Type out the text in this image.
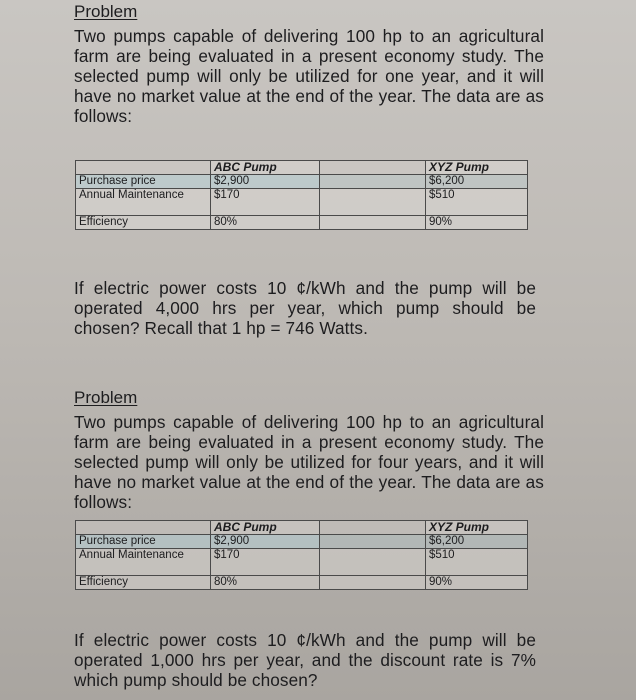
Problem
Two pumps capable of delivering 100 hp to an agricultural farm are being evaluated in a present economy study. The selected pump will only be utilized for one year, and it will have no market value at the end of the year. The data are as follows:
	ABC Pump		XYZ Pump
Purchase price	$2,900		$6,200
Annual Maintenance	$170		$510
Efficiency	80%		90%
If electric power costs 10 ¢/kWh and the pump will be operated 4,000 hrs per year, which pump should be chosen? Recall that 1 hp = 746 Watts.
Problem
Two pumps capable of delivering 100 hp to an agricultural farm are being evaluated in a present economy study. The selected pump will only be utilized for four years, and it will have no market value at the end of the year. The data are as follows:
	ABC Pump		XYZ Pump
Purchase price	$2,900		$6,200
Annual Maintenance	$170		$510
Efficiency	80%		90%
If electric power costs 10 ¢/kWh and the pump will be operated 1,000 hrs per year, and the discount rate is 7% which pump should be chosen?
